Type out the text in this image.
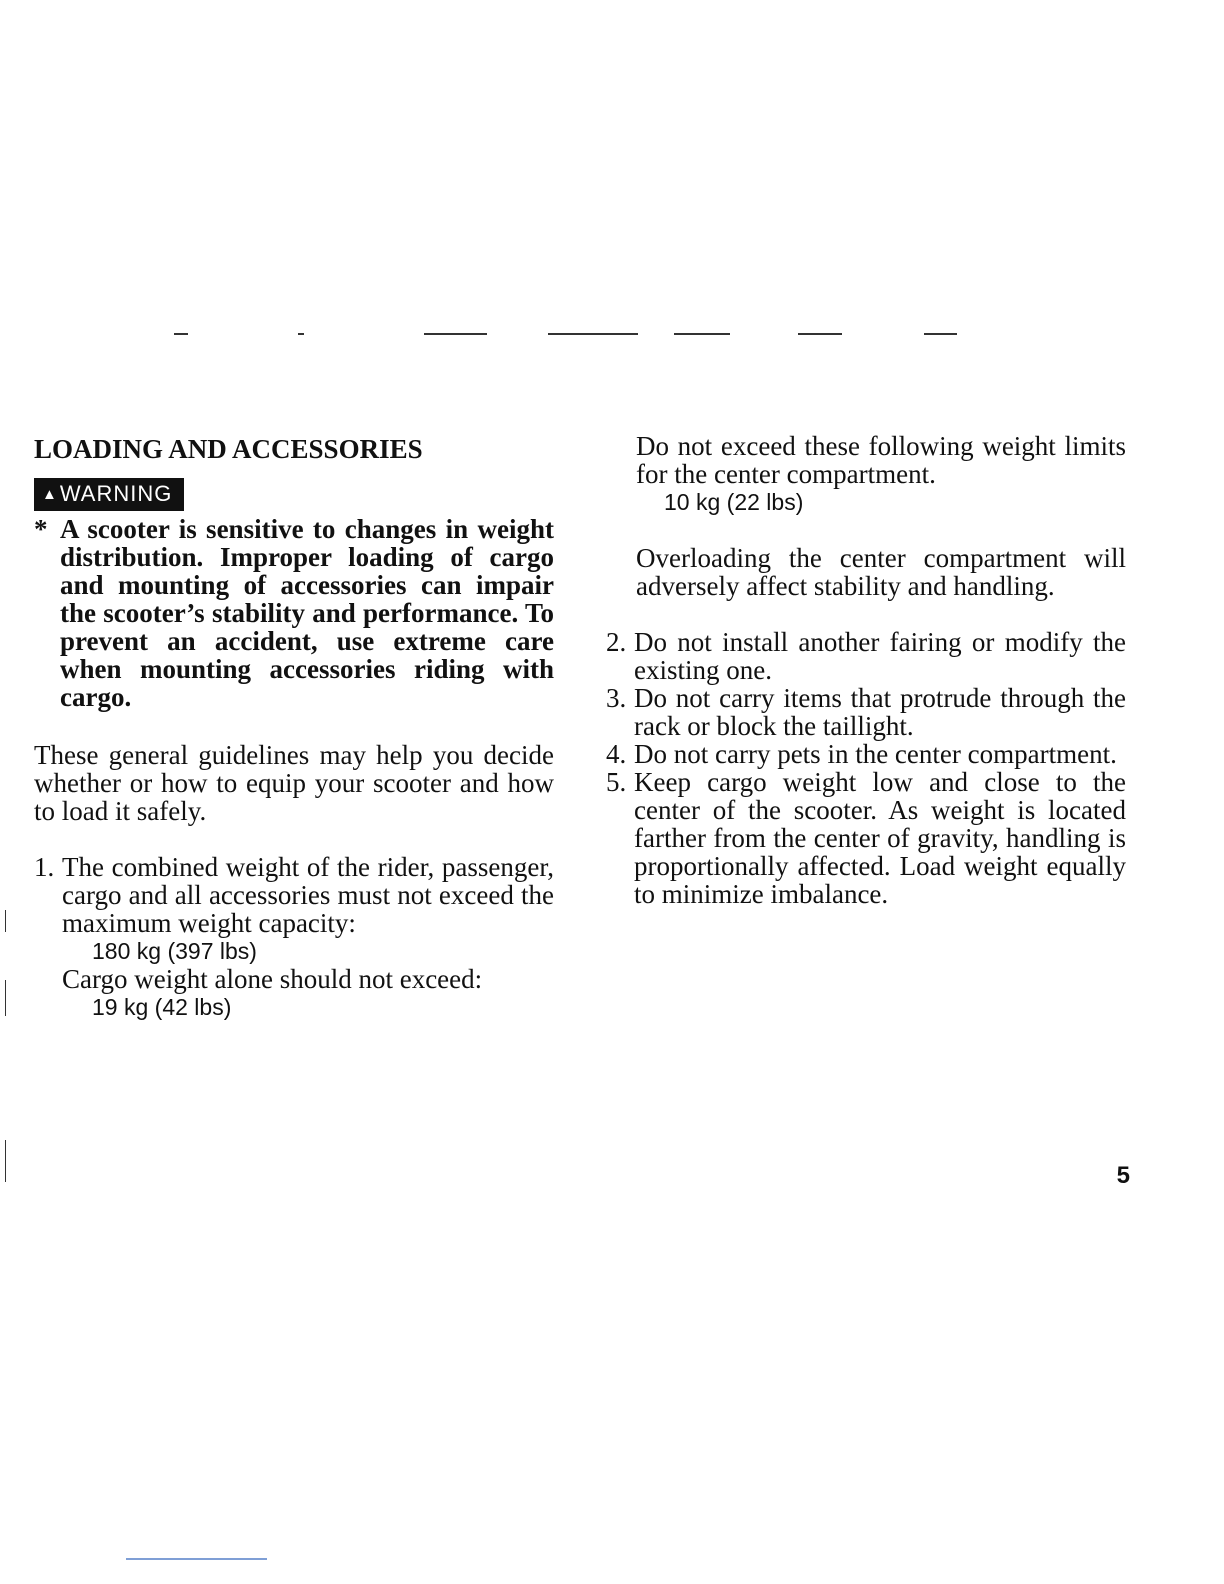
LOADING AND ACCESSORIES
▲WARNING

* A scooter is sensitive to changes in weight distribution. Improper loading of cargo and mounting of accessories can impair the scooter’s stability and performance. To prevent an accident, use extreme care when mounting accessories riding with cargo.

These general guidelines may help you decide whether or how to equip your scooter and how to load it safely.

1. The combined weight of the rider, passenger, cargo and all accessories must not exceed the maximum weight capacity:

180 kg (397 lbs)

Cargo weight alone should not exceed:

19 kg (42 lbs)

Do not exceed these following weight limits for the center compartment.

10 kg (22 lbs)

Overloading the center compartment will adversely affect stability and handling.

2. Do not install another fairing or modify the existing one.

3. Do not carry items that protrude through the rack or block the taillight.

4. Do not carry pets in the center compartment.

5. Keep cargo weight low and close to the center of the scooter. As weight is located farther from the center of gravity, handling is proportionally affected. Load weight equally to minimize imbalance.

5
